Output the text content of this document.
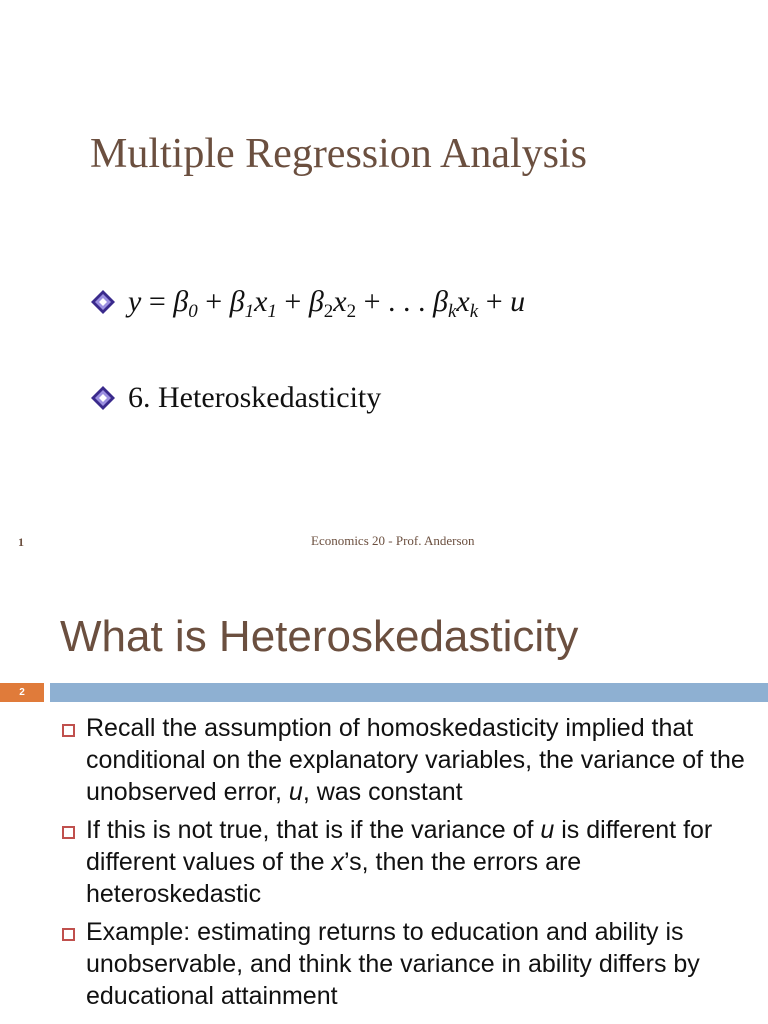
Multiple Regression Analysis
$y = \beta_0 + \beta_1x_1 + \beta_2x_2$ + . . . $\beta_kx_k + u$
6. Heteroskedasticity
1	Economics 20 - Prof. Anderson
What is Heteroskedasticity
2
Recall the assumption of homoskedasticity implied that conditional on the explanatory variables, the variance of the unobserved error, u, was constant
If this is not true, that is if the variance of u is different for different values of the x’s, then the errors are heteroskedastic
Example: estimating returns to education and ability is unobservable, and think the variance in ability differs by educational attainment
